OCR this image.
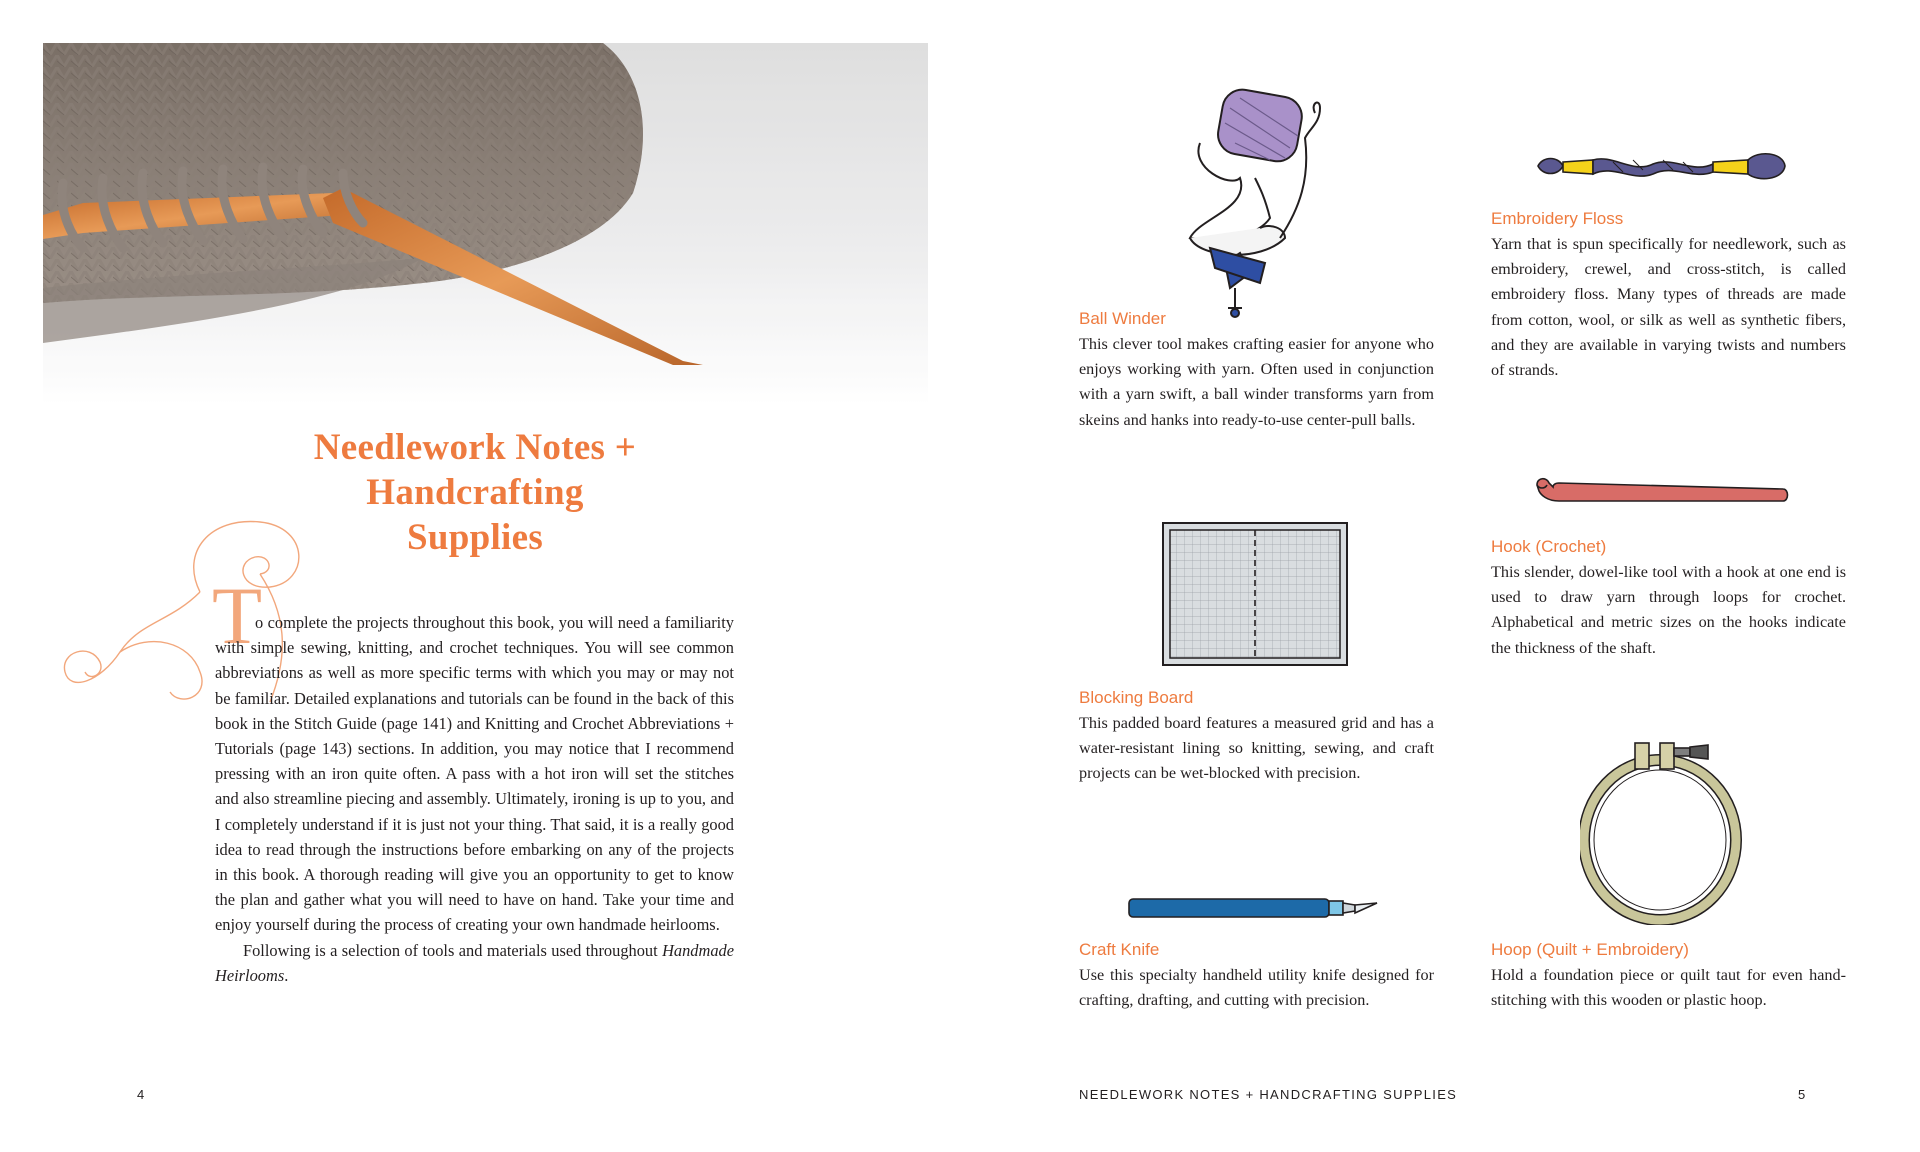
Needlework Notes +
Handcrafting
Supplies
T

o complete the projects throughout this book, you will need a familiarity with simple sewing, knitting, and crochet techniques. You will see common abbreviations as well as more specific terms with which you may or may not be familiar. Detailed explanations and tutorials can be found in the back of this book in the Stitch Guide (page 141) and Knitting and Crochet Abbreviations + Tutorials (page 143) sections. In addition, you may notice that I recommend pressing with an iron quite often. A pass with a hot iron will set the stitches and also streamline piecing and assembly. Ultimately, ironing is up to you, and I completely understand if it is just not your thing. That said, it is a really good idea to read through the instructions before embarking on any of the projects in this book. A thorough reading will give you an opportunity to get to know the plan and gather what you will need to have on hand. Take your time and enjoy yourself during the process of creating your own handmade heirlooms.

Following is a selection of tools and materials used throughout Handmade Heirlooms.

4
Ball Winder

This clever tool makes crafting easier for anyone who enjoys working with yarn. Often used in conjunction with a yarn swift, a ball winder transforms yarn from skeins and hanks into ready-to-use center-pull balls.

Embroidery Floss

Yarn that is spun specifically for needlework, such as embroidery, crewel, and cross-stitch, is called embroidery floss. Many types of threads are made from cotton, wool, or silk as well as synthetic fibers, and they are available in varying twists and numbers of strands.

Blocking Board

This padded board features a measured grid and has a water-resistant lining so knitting, sewing, and craft projects can be wet-blocked with precision.

Hook (Crochet)

This slender, dowel-like tool with a hook at one end is used to draw yarn through loops for crochet. Alphabetical and metric sizes on the hooks indicate the thickness of the shaft.

Craft Knife

Use this specialty handheld utility knife designed for crafting, drafting, and cutting with precision.

Hoop (Quilt + Embroidery)

Hold a foundation piece or quilt taut for even hand-stitching with this wooden or plastic hoop.

NEEDLEWORK NOTES + HANDCRAFTING SUPPLIES	5
